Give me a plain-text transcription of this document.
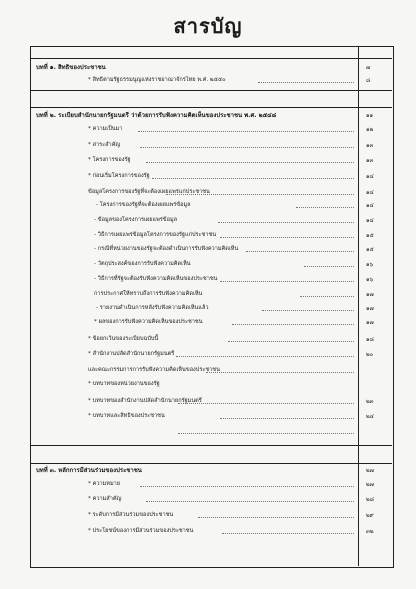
สารบัญ
บทที่ ๑. สิทธิของประชาชน	๗
* สิทธิตามรัฐธรรมนูญแห่งราชอาณาจักรไทย พ.ศ. ๒๕๕๐	๘
บทที่ ๒. ระเบียบสำนักนายกรัฐมนตรี ว่าด้วยการรับฟังความคิดเห็นของประชาชน พ.ศ. ๒๕๔๘	๑๑
* ความเป็นมา	๑๒
* สาระสำคัญ	๑๓
* โครงการของรัฐ	๑๓
* ก่อนเริ่มโครงการของรัฐ	๑๔
ข้อมูลโครงการของรัฐที่จะต้องเผยแพร่แก่ประชาชน	๑๔
- โครงการของรัฐที่จะต้องเผยแพร่ข้อมูล	๑๔
- ข้อมูลของโครงการเผยแพร่ข้อมูล	๑๔
- วิธีการเผยแพร่ข้อมูลโครงการของรัฐแก่ประชาชน	๑๕
- กรณีที่หน่วยงานของรัฐจะต้องดำเนินการรับฟังความคิดเห็น	๑๕
- วัตถุประสงค์ของการรับฟังความคิดเห็น	๑๖
- วิธีการที่รัฐจะต้องรับฟังความคิดเห็นของประชาชน	๑๖
การประกาศให้ทราบถึงการรับฟังความคิดเห็น	๑๗
- รายงานดำเนินการหลังรับฟังความคิดเห็นแล้ว	๑๗
* ผลของการรับฟังความคิดเห็นของประชาชน	๑๗
* ข้อยกเว้นของระเบียบฉบับนี้	๑๘
* สำนักงานปลัดสำนักนายกรัฐมนตรี	๒๐
และคณะกรรมการการรับฟังความคิดเห็นของประชาชน
* บทบาทของหน่วยงานของรัฐ
* บทบาทของสำนักงานปลัดสำนักนายกรัฐมนตรี	๒๓
* บทบาทและสิทธิของประชาชน	๒๔
บทที่ ๓. หลักการมีส่วนร่วมของประชาชน	๒๗
* ความหมาย	๒๗
* ความสำคัญ	๒๘
* ระดับการมีส่วนร่วมของประชาชน	๒๙
* ประโยชน์ของการมีส่วนร่วมของประชาชน	๓๒
